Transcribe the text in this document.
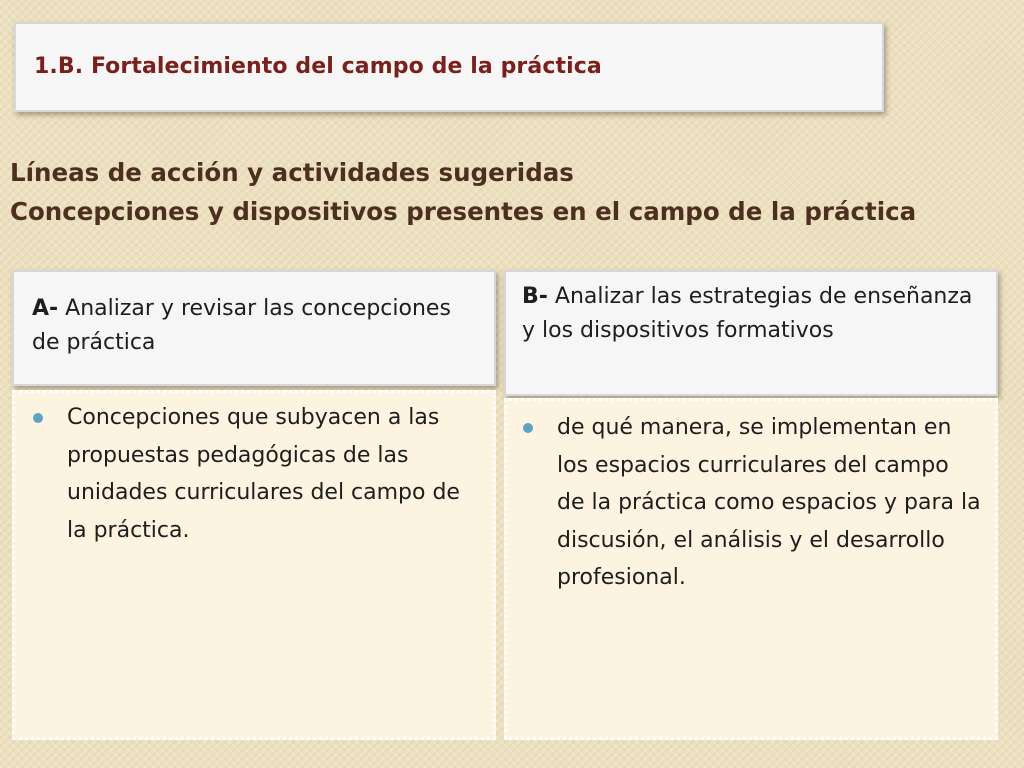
1.B. Fortalecimiento del campo de la práctica
Líneas de acción y actividades sugeridas
Concepciones y dispositivos presentes en el campo de la práctica
A- Analizar y revisar las concepciones de práctica
Concepciones que subyacen a las propuestas pedagógicas de las unidades curriculares del campo de la práctica.
B- Analizar las estrategias de enseñanza y los dispositivos formativos
de qué manera, se implementan en los espacios curriculares del campo de la práctica como espacios y para la discusión, el análisis y el desarrollo profesional.
